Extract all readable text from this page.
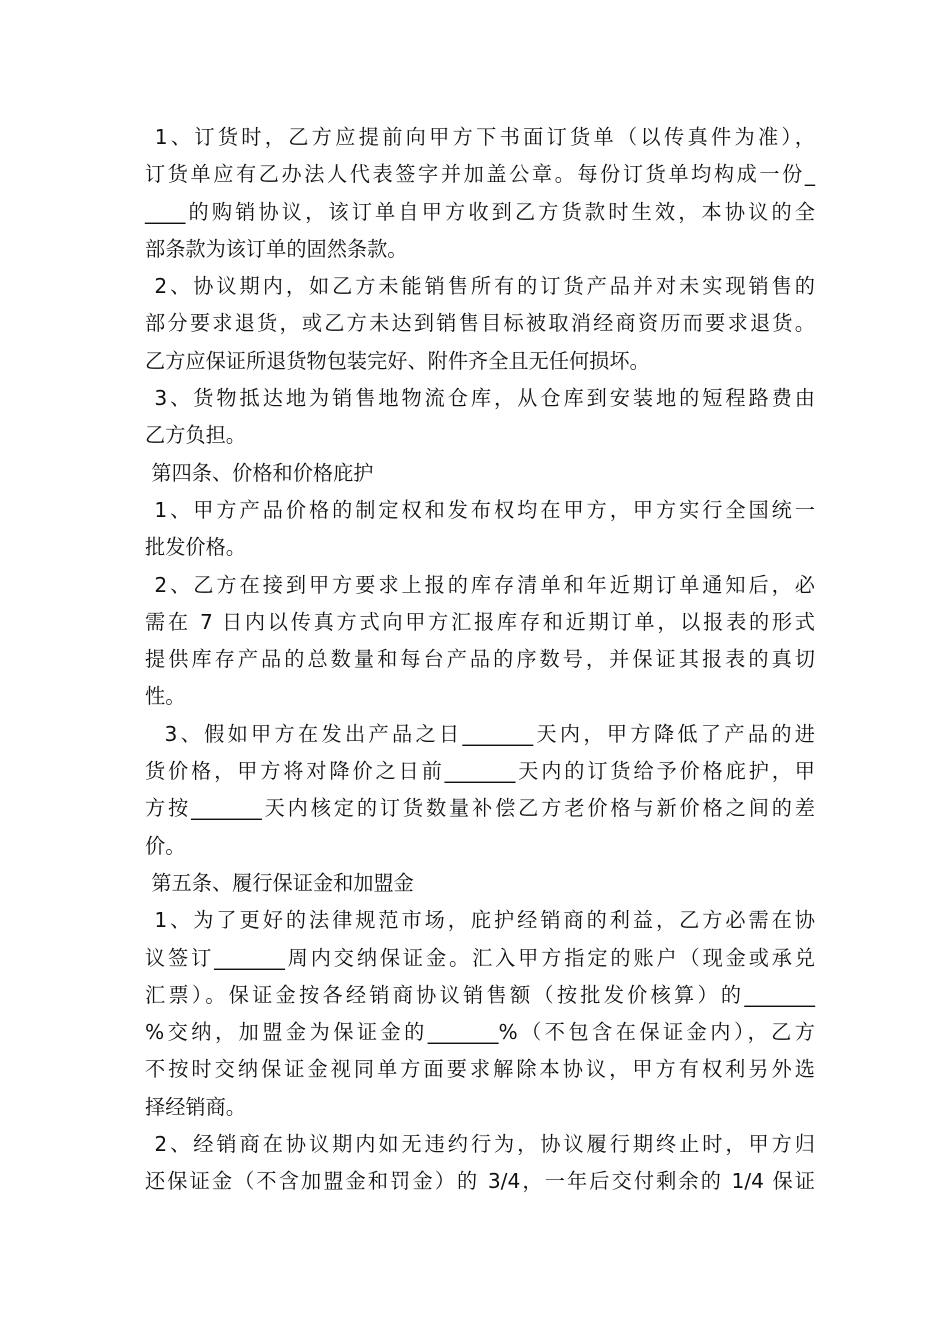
1、订货时，乙方应提前向甲方下书面订货单（以传真件为准），
订货单应有乙办法人代表签字并加盖公章。每份订货单均构成一份_
____的购销协议，该订单自甲方收到乙方货款时生效，本协议的全
部条款为该订单的固然条款。
2、协议期内，如乙方未能销售所有的订货产品并对未实现销售的
部分要求退货，或乙方未达到销售目标被取消经商资历而要求退货。
乙方应保证所退货物包装完好、附件齐全且无任何损坏。
3、货物抵达地为销售地物流仓库，从仓库到安装地的短程路费由
乙方负担。
第四条、价格和价格庇护
1、甲方产品价格的制定权和发布权均在甲方，甲方实行全国统一
批发价格。
2、乙方在接到甲方要求上报的库存清单和年近期订单通知后，必
需在 7 日内以传真方式向甲方汇报库存和近期订单，以报表的形式
提供库存产品的总数量和每台产品的序数号，并保证其报表的真切
性。
3、假如甲方在发出产品之日_______天内，甲方降低了产品的进
货价格，甲方将对降价之日前_______天内的订货给予价格庇护，甲
方按_______天内核定的订货数量补偿乙方老价格与新价格之间的差
价。
第五条、履行保证金和加盟金
1、为了更好的法律规范市场，庇护经销商的利益，乙方必需在协
议签订_______周内交纳保证金。汇入甲方指定的账户（现金或承兑
汇票）。保证金按各经销商协议销售额（按批发价核算）的_______
%交纳，加盟金为保证金的_______%（不包含在保证金内），乙方
不按时交纳保证金视同单方面要求解除本协议，甲方有权利另外选
择经销商。
2、经销商在协议期内如无违约行为，协议履行期终止时，甲方归
还保证金（不含加盟金和罚金）的 3/4，一年后交付剩余的 1/4 保证
